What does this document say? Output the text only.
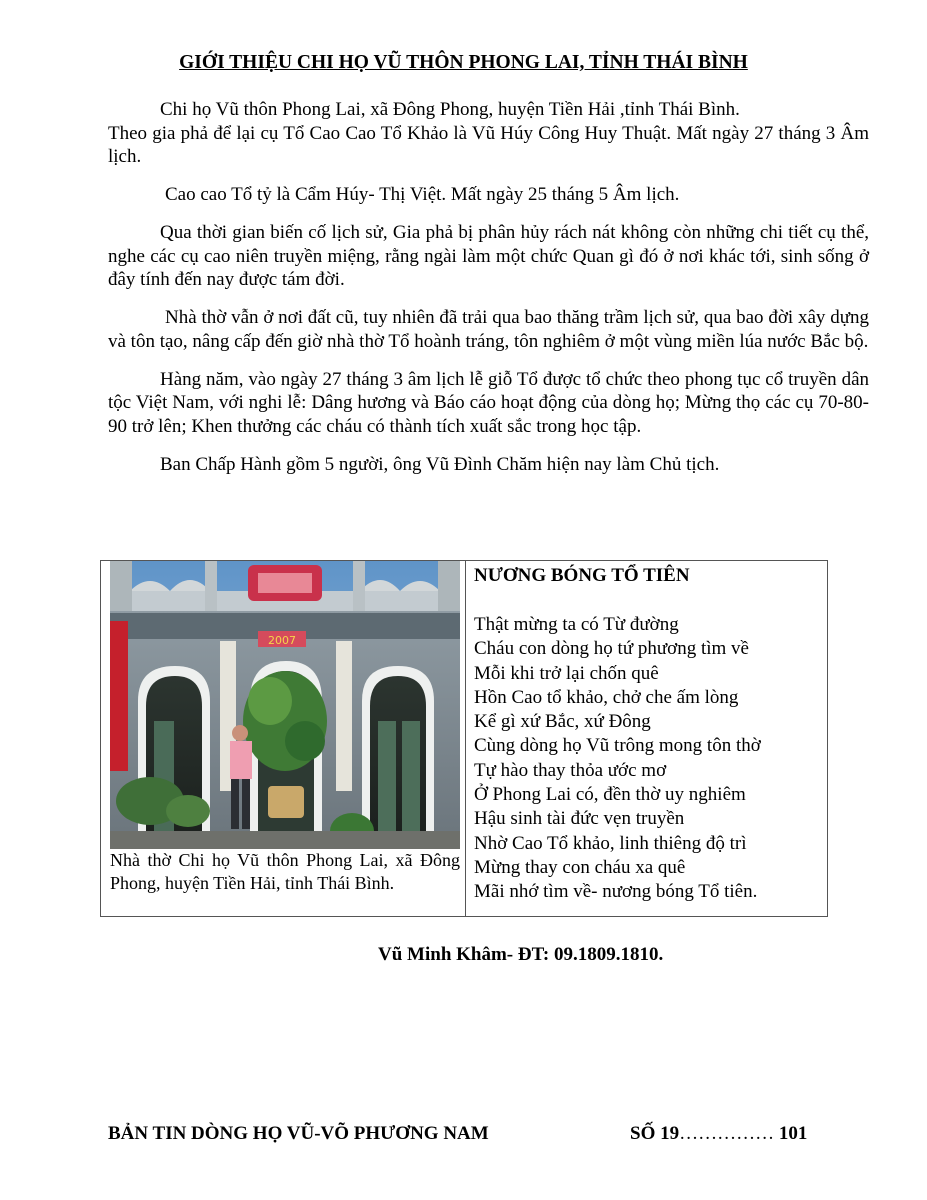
GIỚI THIỆU CHI HỌ VŨ THÔN PHONG LAI, TỈNH THÁI BÌNH

Chi họ Vũ thôn Phong Lai, xã Đông Phong, huyện Tiền Hải ,tỉnh Thái Bình.
Theo gia phả để lại cụ Tổ Cao Cao Tổ Khảo là Vũ Húy Công Huy Thuật. Mất ngày 27 tháng 3 Âm lịch.

Cao cao Tổ tỷ là Cẩm Húy- Thị Việt. Mất ngày 25 tháng 5 Âm lịch.

Qua thời gian biến cố lịch sử, Gia phả bị phân hủy rách nát không còn những chi tiết cụ thể, nghe các cụ cao niên truyền miệng, rằng ngài làm một chức Quan gì đó ở nơi khác tới, sinh sống ở đây tính đến nay được tám đời.

Nhà thờ vẫn ở nơi đất cũ, tuy nhiên đã trải qua bao thăng trầm lịch sử, qua bao đời xây dựng và tôn tạo, nâng cấp đến giờ nhà thờ Tổ hoành tráng, tôn nghiêm ở một vùng miền lúa nước Bắc bộ.

Hàng năm, vào ngày 27 tháng 3 âm lịch lễ giỗ Tổ được tổ chức theo phong tục cổ truyền dân tộc Việt Nam, với nghi lễ: Dâng hương và Báo cáo hoạt động của dòng họ; Mừng thọ các cụ 70-80-90 trở lên; Khen thưởng các cháu có thành tích xuất sắc trong học tập.

Ban Chấp Hành gồm 5 người, ông Vũ Đình Chăm hiện nay làm Chủ tịch.

2007
Nhà thờ Chi họ Vũ thôn Phong Lai, xã Đông Phong, huyện Tiền Hải, tỉnh Thái Bình.
NƯƠNG BÓNG TỔ TIÊN
Thật mừng ta có Từ đường
Cháu con dòng họ tứ phương tìm về
Mỗi khi trở lại chốn quê
Hồn Cao tổ khảo, chở che ấm lòng
Kể gì xứ Bắc, xứ Đông
Cùng dòng họ Vũ trông mong tôn thờ
Tự hào thay thỏa ước mơ
Ở Phong Lai có, đền thờ uy nghiêm
Hậu sinh tài đức vẹn truyền
Nhờ Cao Tổ khảo, linh thiêng độ trì
Mừng thay con cháu xa quê
Mãi nhớ tìm về- nương bóng Tổ tiên.
Vũ Minh Khâm- ĐT: 09.1809.1810.
BẢN TIN DÒNG HỌ VŨ-VÕ PHƯƠNG NAM	SỐ 19…………… 101
